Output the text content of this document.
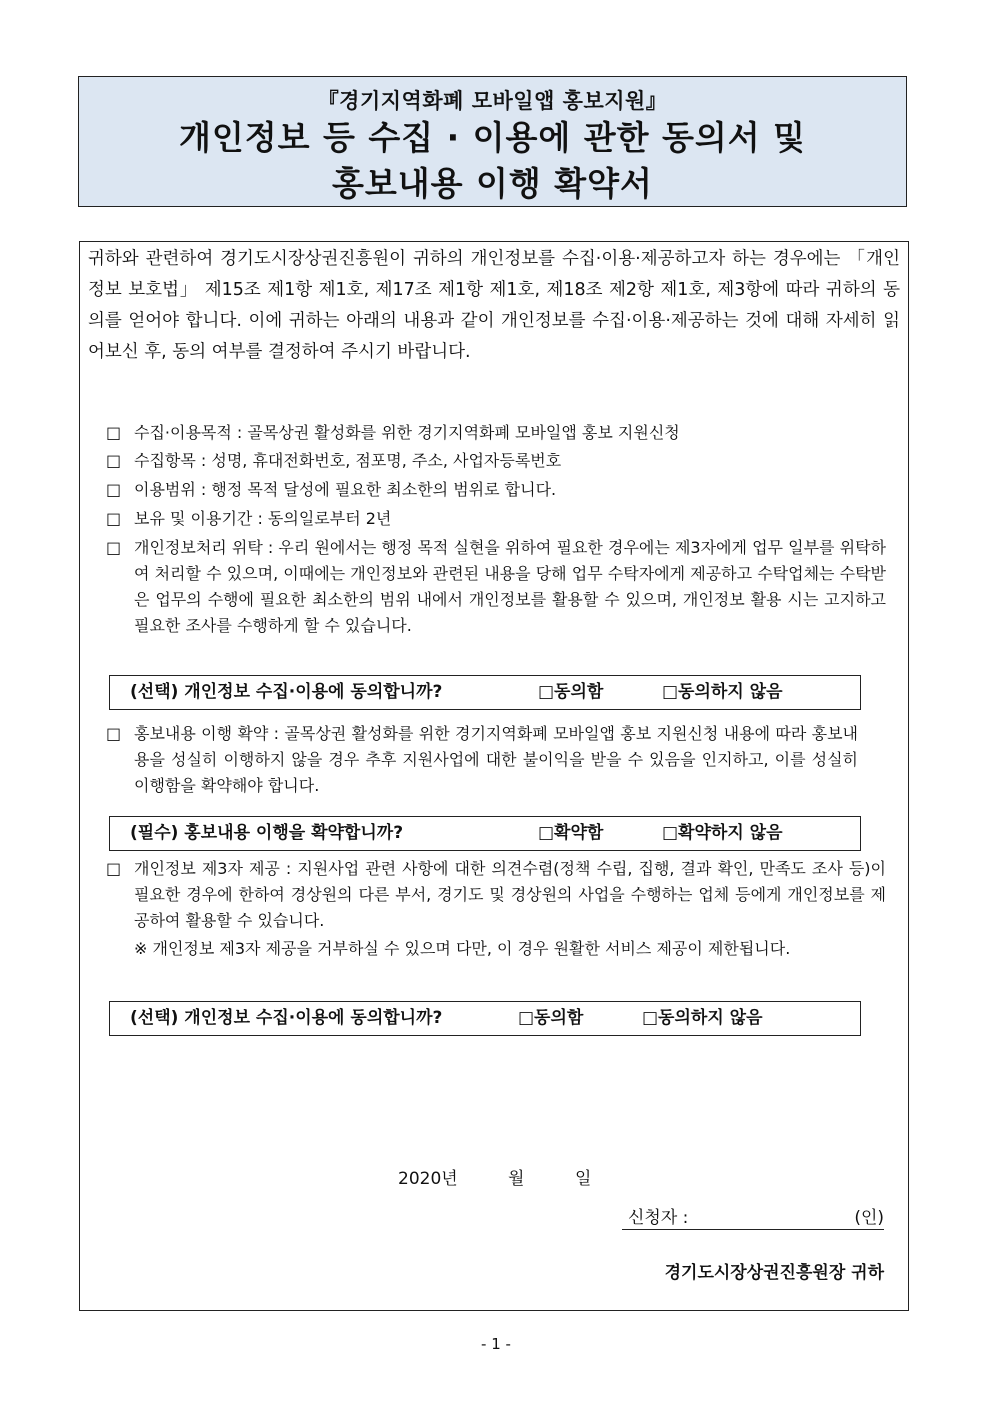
『경기지역화폐 모바일앱 홍보지원』
개인정보 등 수집 · 이용에 관한 동의서 및
홍보내용 이행 확약서
귀하와 관련하여 경기도시장상권진흥원이 귀하의 개인정보를 수집·이용·제공하고자 하는 경우에는 「개인정보 보호법」 제15조 제1항 제1호, 제17조 제1항 제1호, 제18조 제2항 제1호, 제3항에 따라 귀하의 동의를 얻어야 합니다. 이에 귀하는 아래의 내용과 같이 개인정보를 수집·이용·제공하는 것에 대해 자세히 읽어보신 후, 동의 여부를 결정하여 주시기 바랍니다.
□ 수집·이용목적 : 골목상권 활성화를 위한 경기지역화폐 모바일앱 홍보 지원신청
□ 수집항목 : 성명, 휴대전화번호, 점포명, 주소, 사업자등록번호
□ 이용범위 : 행정 목적 달성에 필요한 최소한의 범위로 합니다.
□ 보유 및 이용기간 : 동의일로부터 2년
□ 개인정보처리 위탁 : 우리 원에서는 행정 목적 실현을 위하여 필요한 경우에는 제3자에게 업무 일부를 위탁하여 처리할 수 있으며, 이때에는 개인정보와 관련된 내용을 당해 업무 수탁자에게 제공하고 수탁업체는 수탁받은 업무의 수행에 필요한 최소한의 범위 내에서 개인정보를 활용할 수 있으며, 개인정보 활용 시는 고지하고 필요한 조사를 수행하게 할 수 있습니다.
(선택) 개인정보 수집·이용에 동의합니까?	□동의함	□동의하지 않음
□ 홍보내용 이행 확약 : 골목상권 활성화를 위한 경기지역화폐 모바일앱 홍보 지원신청 내용에 따라 홍보내용을 성실히 이행하지 않을 경우 추후 지원사업에 대한 불이익을 받을 수 있음을 인지하고, 이를 성실히 이행함을 확약해야 합니다.
(필수) 홍보내용 이행을 확약합니까?	□확약함	□확약하지 않음
□ 개인정보 제3자 제공 : 지원사업 관련 사항에 대한 의견수렴(정책 수립, 집행, 결과 확인, 만족도 조사 등)이 필요한 경우에 한하여 경상원의 다른 부서, 경기도 및 경상원의 사업을 수행하는 업체 등에게 개인정보를 제공하여 활용할 수 있습니다.
※ 개인정보 제3자 제공을 거부하실 수 있으며 다만, 이 경우 원활한 서비스 제공이 제한됩니다.
(선택) 개인정보 수집·이용에 동의합니까?	□동의함	□동의하지 않음
2020년	월	일
신청자 :	(인)
경기도시장상권진흥원장 귀하
- 1 -
